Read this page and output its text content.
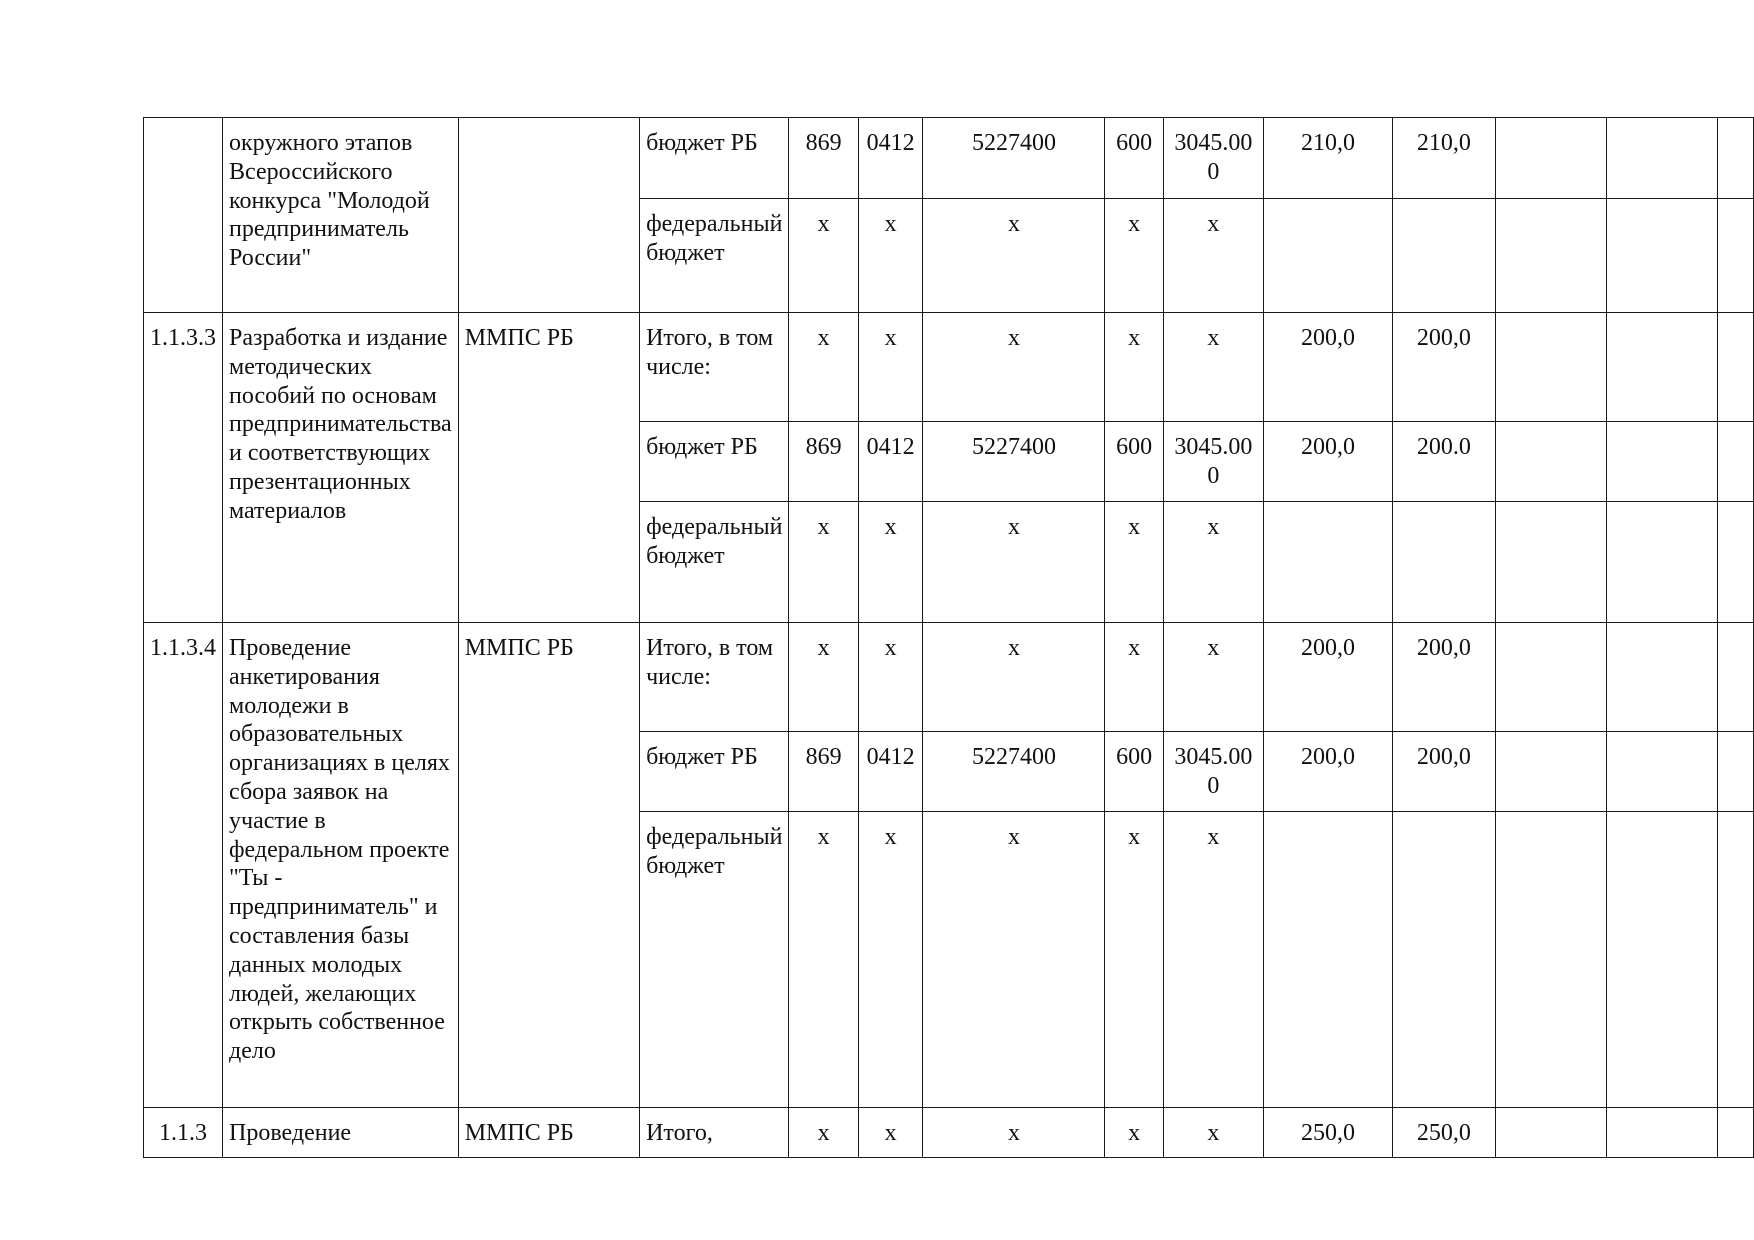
	окружного этапов Всероссийского конкурса "Молодой предприниматель России"		бюджет РБ	869	0412	5227400	600	3045.000	210,0	210,0			
			федеральный бюджет	x	x	x	x	x					
1.1.3.3	Разработка и издание методических пособий по основам предпринимательства и соответствующих презентационных материалов	ММПС РБ	Итого, в том числе:	x	x	x	x	x	200,0	200,0			
			бюджет РБ	869	0412	5227400	600	3045.000	200,0	200.0			
			федеральный бюджет	x	x	x	x	x					
1.1.3.4	Проведение анкетирования молодежи в образовательных организациях в целях сбора заявок на участие в федеральном проекте "Ты - предприниматель" и составления базы данных молодых людей, желающих открыть собственное дело	ММПС РБ	Итого, в том числе:	x	x	x	x	x	200,0	200,0			
			бюджет РБ	869	0412	5227400	600	3045.000	200,0	200,0			
			федеральный бюджет	x	x	x	x	x					
1.1.3	Проведение	ММПС РБ	Итого,	x	x	x	x	x	250,0	250,0			
